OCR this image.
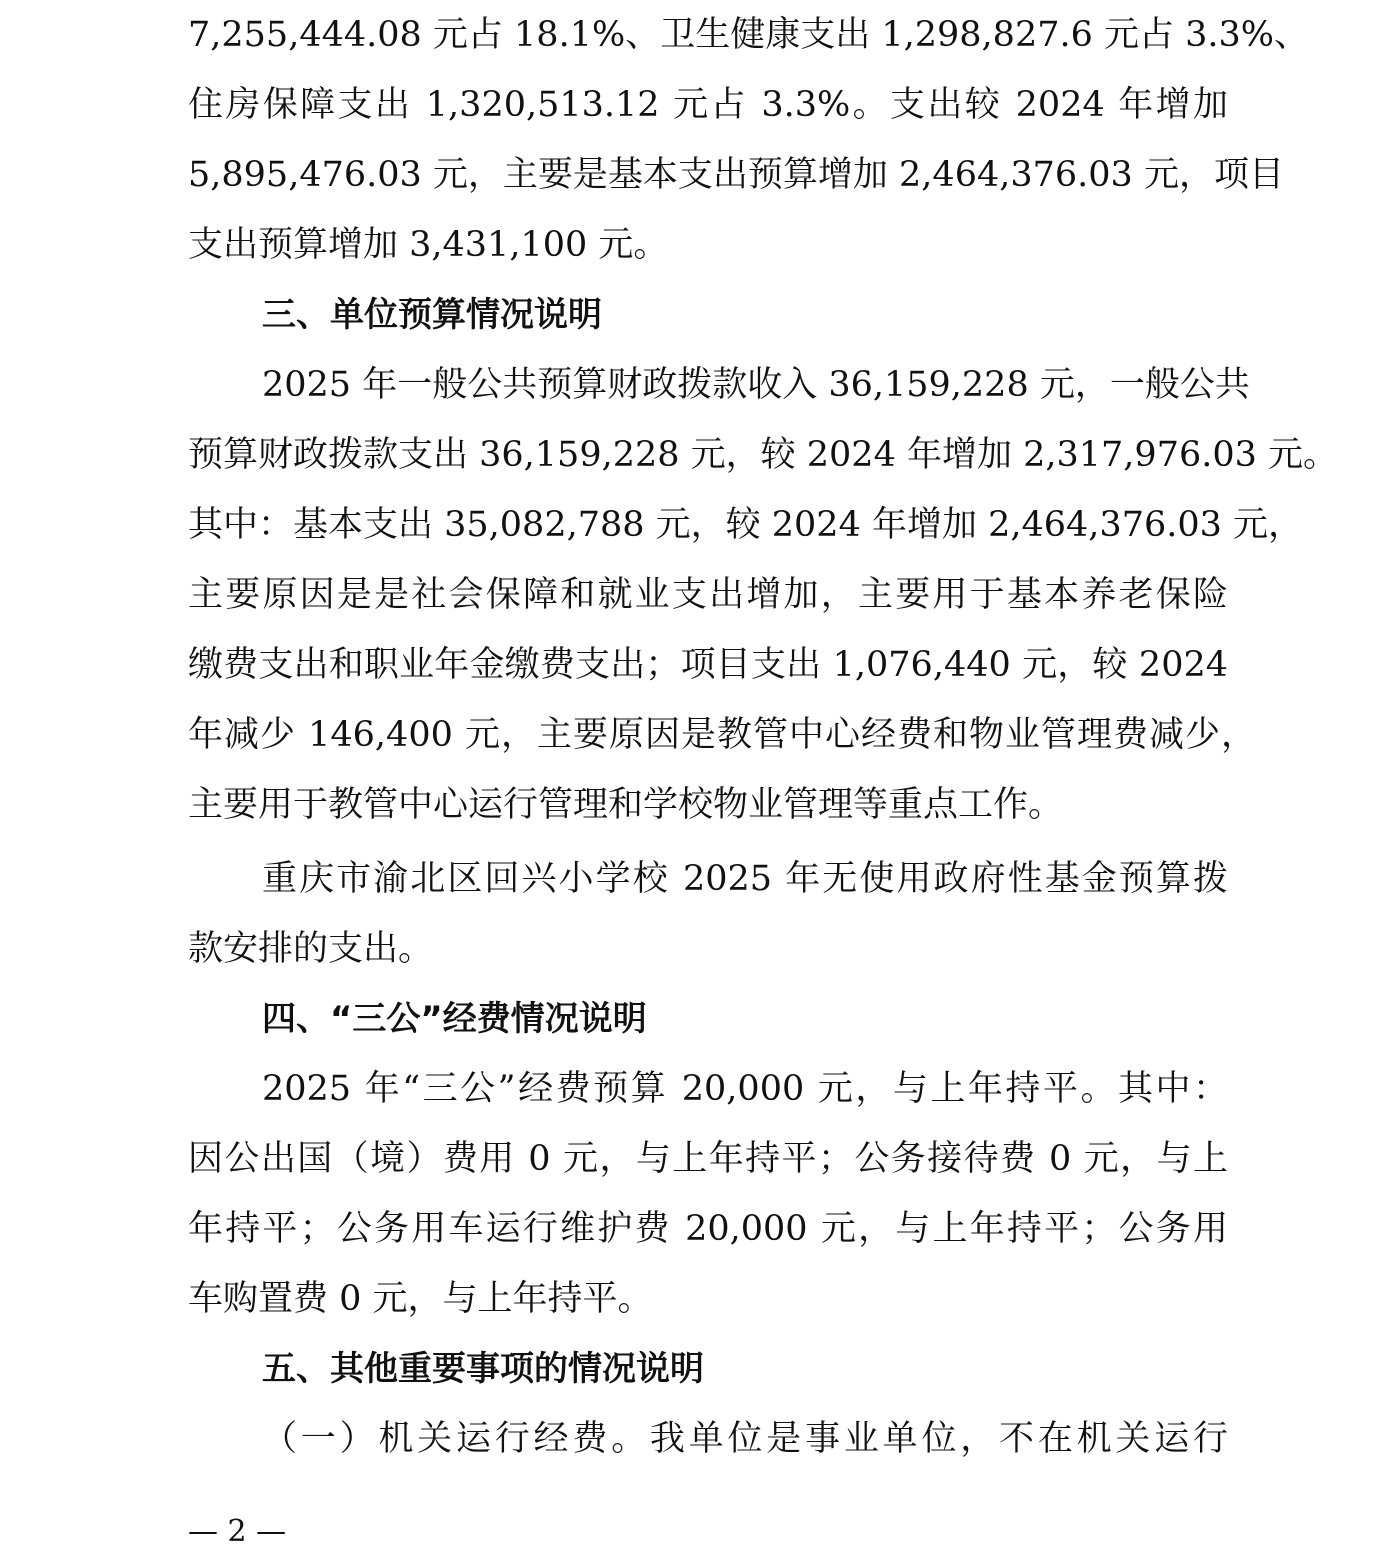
7,255,444.08 元占 18.1%、卫生健康支出 1,298,827.6 元占 3.3%、
住房保障支出 1,320,513.12 元占 3.3%。支出较 2024 年增加
5,895,476.03 元，主要是基本支出预算增加 2,464,376.03 元，项目
支出预算增加 3,431,100 元。
三、单位预算情况说明
2025 年一般公共预算财政拨款收入 36,159,228 元，一般公共
预算财政拨款支出 36,159,228 元，较 2024 年增加 2,317,976.03 元。
其中：基本支出 35,082,788 元，较 2024 年增加 2,464,376.03 元，
主要原因是是社会保障和就业支出增加，主要用于基本养老保险
缴费支出和职业年金缴费支出；项目支出 1,076,440 元，较 2024
年减少 146,400 元，主要原因是教管中心经费和物业管理费减少，
主要用于教管中心运行管理和学校物业管理等重点工作。
重庆市渝北区回兴小学校 2025 年无使用政府性基金预算拨
款安排的支出。
四、“三公”经费情况说明
2025 年“三公”经费预算 20,000 元，与上年持平。其中：
因公出国（境）费用 0 元，与上年持平；公务接待费 0 元，与上
年持平；公务用车运行维护费 20,000 元，与上年持平；公务用
车购置费 0 元，与上年持平。
五、其他重要事项的情况说明
（一）机关运行经费。我单位是事业单位，不在机关运行
— 2 —
